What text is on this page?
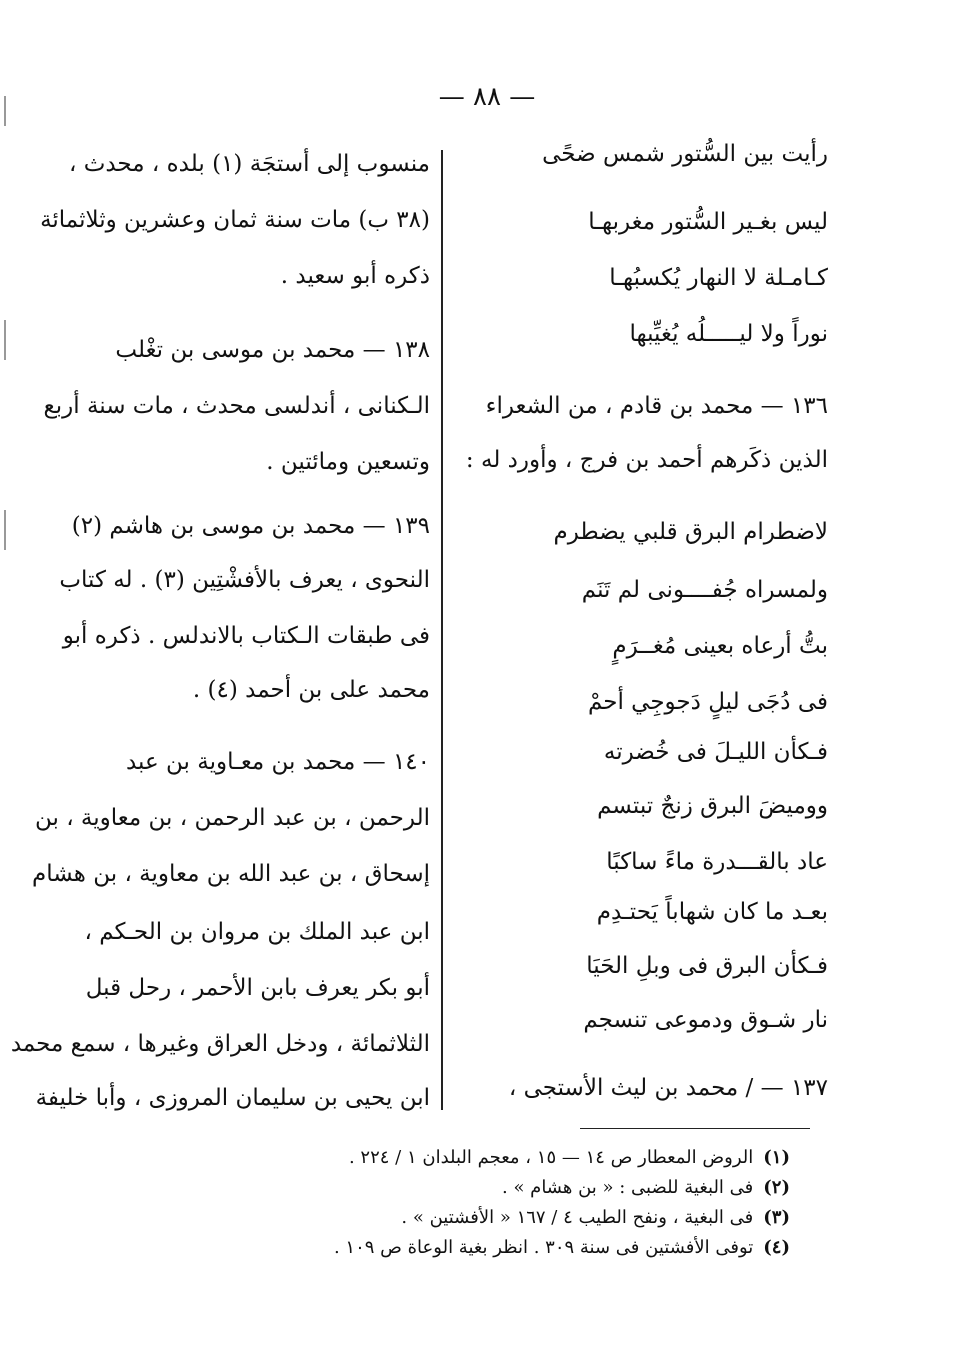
— ٨٨ —
رأيت بين السُّتور شمس ضحًى
ليس بغـير السُّتور مغربهـا
كـامـلة لا النهار يُكسبُهـا
نوراً ولا ليـــــلُه يُغيِّبها
١٣٦ — محمد بن قادم ، من الشعراء
الذين ذكَرهم أحمد بن فرج ، وأورد له :
لاضطرام البرق قلبي يضطرم
ولمسراه جُفــــونى لم تَنَم
بتُّ أرعاه بعينى مُغــرَمٍ
فى دُجَى ليلٍ دَجوجِي أحمْ
فـكأن الليـلَ فى خُضرته
ووميضَ البرق زنجٌ تبتسم
عاد بالقـــدرة ماءً ساكبًا
بعـد ما كان شهاباً يَحتـدِم
فـكأن البرق فى وبلِ الحَيَا
نار شـوق ودموعى تنسجم
١٣٧ — / محمد بن ليث الأستجى ،
منسوب إلى أستجَة (١) بلده ، محدث ،
(٣٨ ب) مات سنة ثمان وعشرين وثلاثمائة
ذكره أبو سعيد .
١٣٨ — محمد بن موسى بن تغْلب
الـكنانى ، أندلسى محدث ، مات سنة أربع
وتسعين ومائتين .
١٣٩ — محمد بن موسى بن هاشم (٢)
النحوى ، يعرف بالأفشْتِين (٣) . له كتاب
فى طبقات الـكتاب بالاندلس . ذكره أبو
محمد على بن أحمد (٤) .
١٤٠ — محمد بن معـاوية بن عبد
الرحمن ، بن عبد الرحمن ، بن معاوية ، بن
إسحاق ، بن عبد الله بن معاوية ، بن هشام
ابن عبد الملك بن مروان بن الحـكم ،
أبو بكر يعرف بابن الأحمر ، رحل قبل
الثلاثمائة ، ودخل العراق وغيرها ، سمع محمد
ابن يحيى بن سليمان المروزى ، وأبا خليفة
(١)الروض المعطار ص ١٤ — ١٥ ، معجم البلدان ١ / ٢٢٤ .
(٢)فى البغية للضبى : « بن هشام » .
(٣)فى البغية ، ونفح الطيب ٤ / ١٦٧ « الأفشتين » .
(٤)توفى الأفشتين فى سنة ٣٠٩ . انظر بغية الوعاة ص ١٠٩ .
